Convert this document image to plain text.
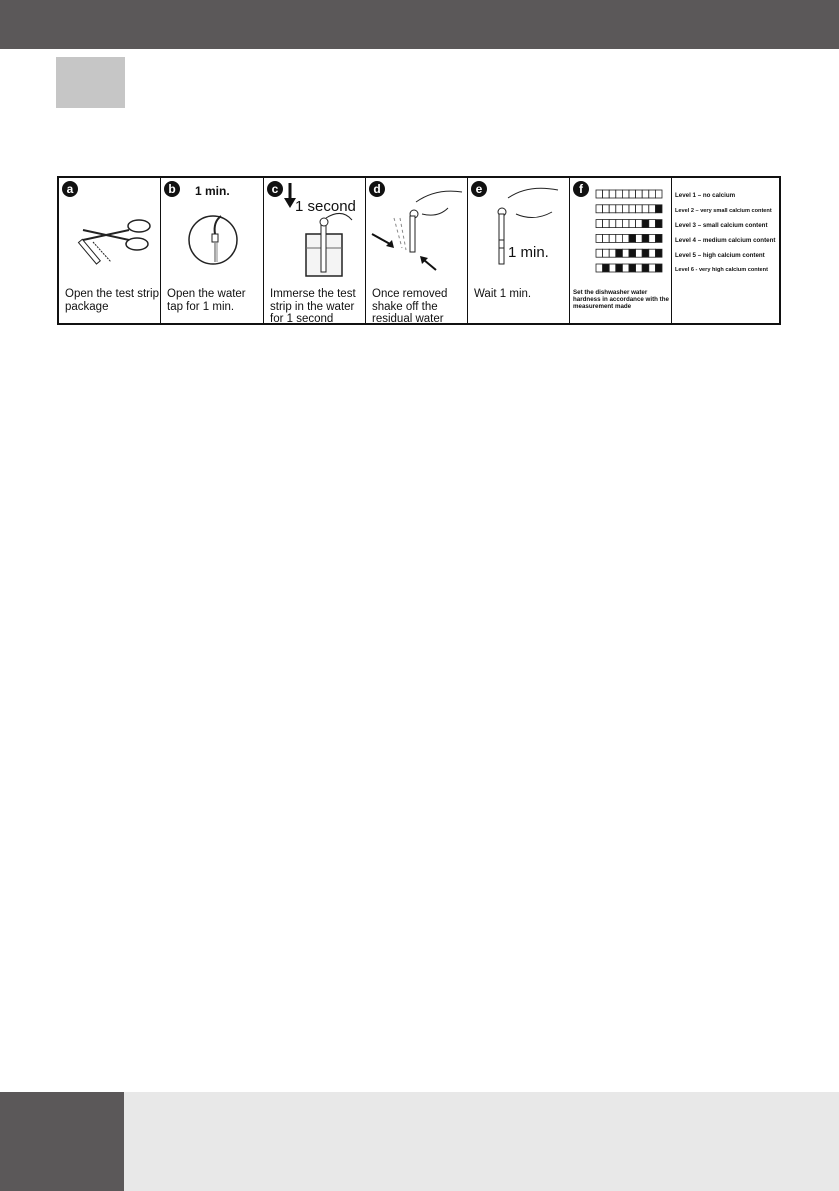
a
Open the test strip package
b	1 min.
Open the water tap for 1 min.
c
1 second
Immerse the test strip in the water for 1 second
d
Once removed shake off the residual water
e
1 min.
Wait 1 min.
f
Set the dishwasher water hardness in accordance with the measurement made
Level 1 – no calcium
Level 2 – very small calcium content
Level 3 – small calcium content
Level 4 – medium calcium content
Level 5 – high calcium content
Level 6 - very high calcium content
